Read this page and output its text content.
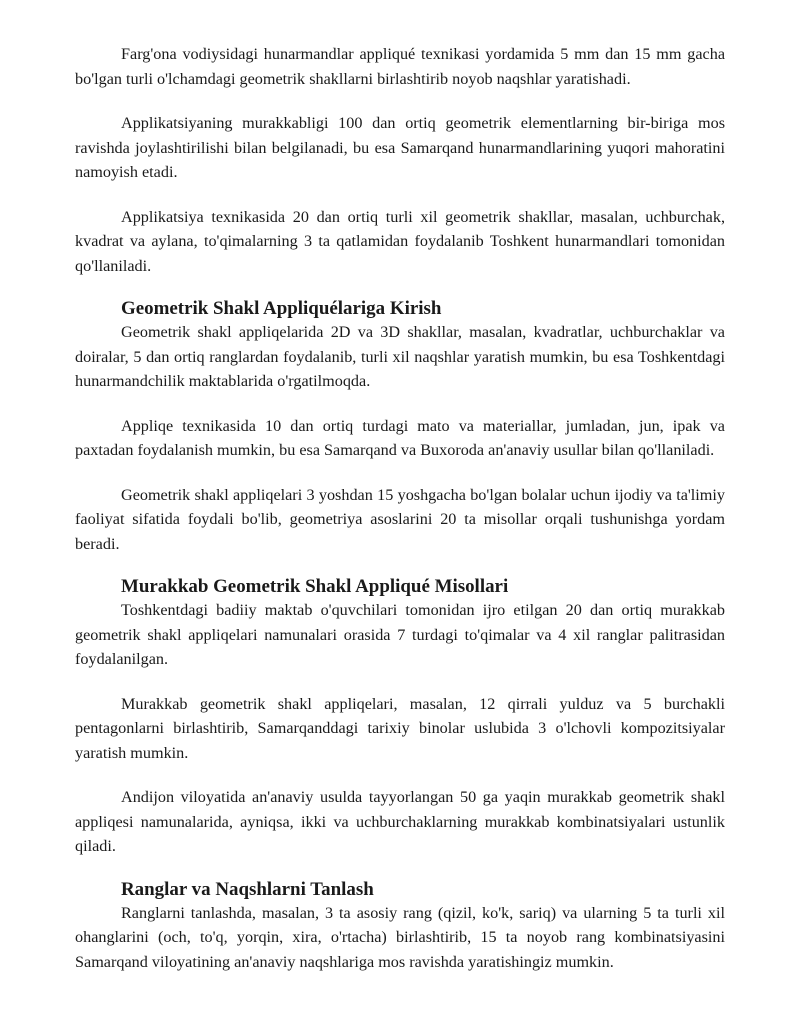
Farg'ona vodiysidagi hunarmandlar appliqué texnikasi yordamida 5 mm dan 15 mm gacha bo'lgan turli o'lchamdagi geometrik shakllarni birlashtirib noyob naqshlar yaratishadi.

Applikatsiyaning murakkabligi 100 dan ortiq geometrik elementlarning bir-biriga mos ravishda joylashtirilishi bilan belgilanadi, bu esa Samarqand hunarmandlarining yuqori mahoratini namoyish etadi.

Applikatsiya texnikasida 20 dan ortiq turli xil geometrik shakllar, masalan, uchburchak, kvadrat va aylana, to'qimalarning 3 ta qatlamidan foydalanib Toshkent hunarmandlari tomonidan qo'llaniladi.

Geometrik Shakl Appliquélariga Kirish

Geometrik shakl appliqelarida 2D va 3D shakllar, masalan, kvadratlar, uchburchaklar va doiralar, 5 dan ortiq ranglardan foydalanib, turli xil naqshlar yaratish mumkin, bu esa Toshkentdagi hunarmandchilik maktablarida o'rgatilmoqda.

Appliqe texnikasida 10 dan ortiq turdagi mato va materiallar, jumladan, jun, ipak va paxtadan foydalanish mumkin, bu esa Samarqand va Buxoroda an'anaviy usullar bilan qo'llaniladi.

Geometrik shakl appliqelari 3 yoshdan 15 yoshgacha bo'lgan bolalar uchun ijodiy va ta'limiy faoliyat sifatida foydali bo'lib, geometriya asoslarini 20 ta misollar orqali tushunishga yordam beradi.

Murakkab Geometrik Shakl Appliqué Misollari

Toshkentdagi badiiy maktab o'quvchilari tomonidan ijro etilgan 20 dan ortiq murakkab geometrik shakl appliqelari namunalari orasida 7 turdagi to'qimalar va 4 xil ranglar palitrasidan foydalanilgan.

Murakkab geometrik shakl appliqelari, masalan, 12 qirrali yulduz va 5 burchakli pentagonlarni birlashtirib, Samarqanddagi tarixiy binolar uslubida 3 o'lchovli kompozitsiyalar yaratish mumkin.

Andijon viloyatida an'anaviy usulda tayyorlangan 50 ga yaqin murakkab geometrik shakl appliqesi namunalarida, ayniqsa, ikki va uchburchaklarning murakkab kombinatsiyalari ustunlik qiladi.

Ranglar va Naqshlarni Tanlash

Ranglarni tanlashda, masalan, 3 ta asosiy rang (qizil, ko'k, sariq) va ularning 5 ta turli xil ohanglarini (och, to'q, yorqin, xira, o'rtacha) birlashtirib, 15 ta noyob rang kombinatsiyasini Samarqand viloyatining an'anaviy naqshlariga mos ravishda yaratishingiz mumkin.
